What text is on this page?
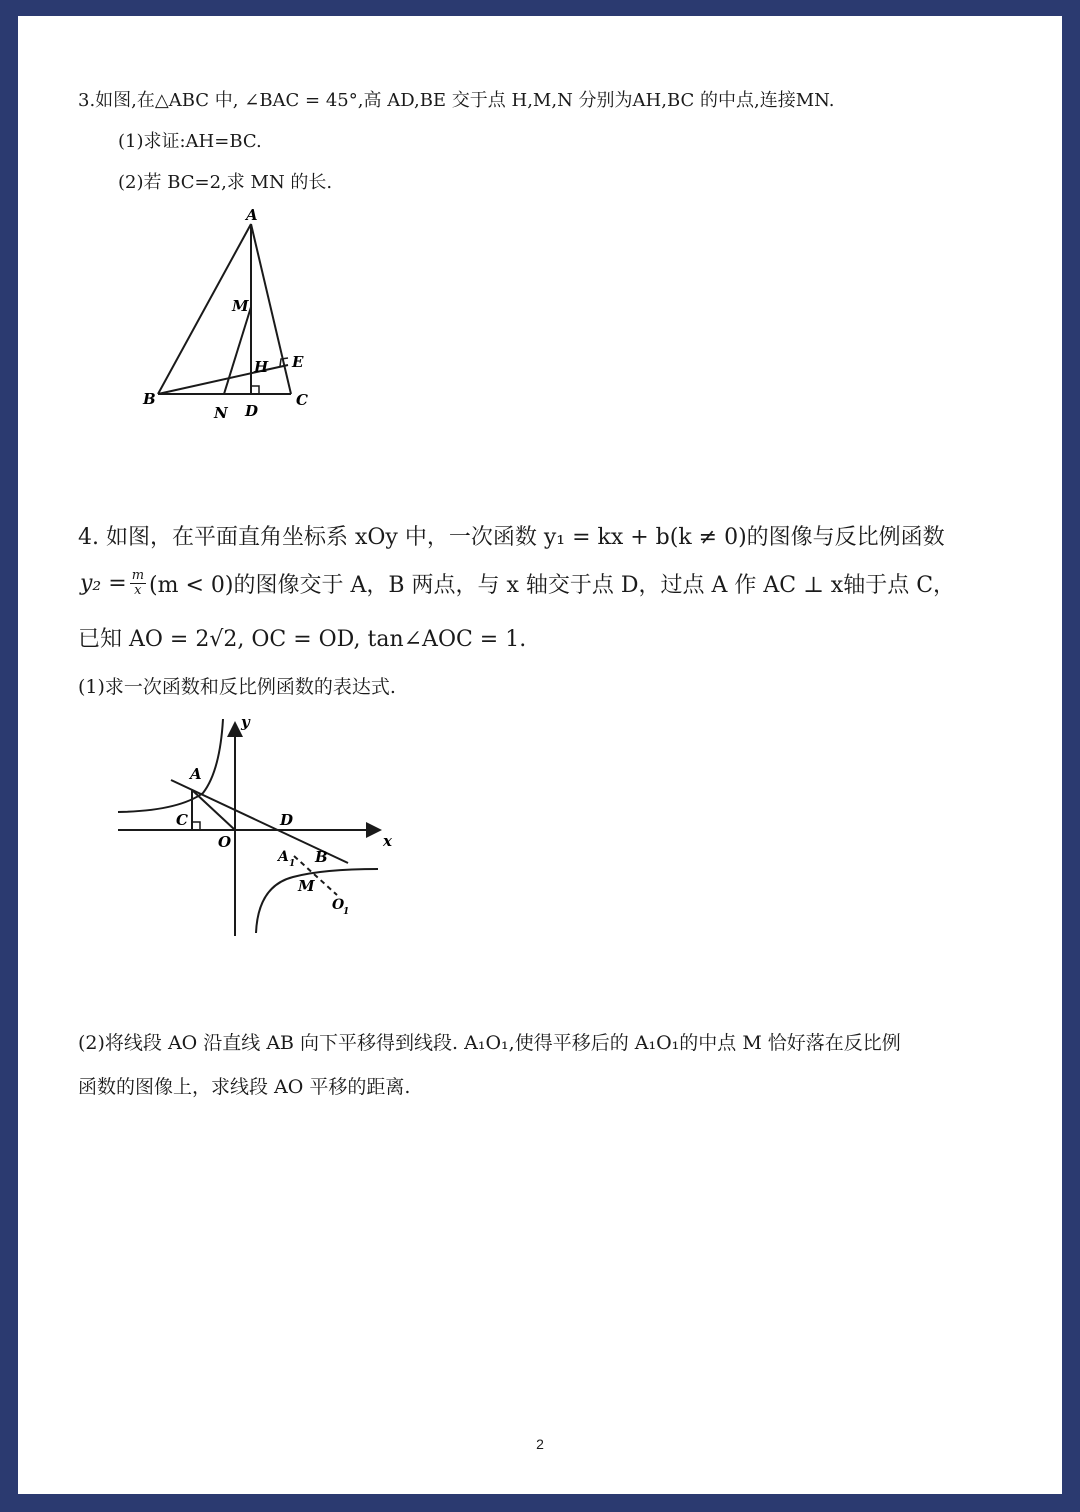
3.如图,在△ABC 中, ∠BAC = 45°,高 AD,BE 交于点 H,M,N 分别为AH,BC 的中点,连接MN.
(1)求证:AH=BC.
(2)若 BC=2,求 MN 的长.
A
M
H E
B
N D
C
4. 如图，在平面直角坐标系 xOy 中，一次函数 y₁ = kx + b(k ≠ 0)的图像与反比例函数
$y_2 = \frac{m}{x} (m < 0)$的图像交于 A，B 两点，与 x 轴交于点 D，过点 A 作 AC ⊥ x轴于点 C，
已知 AO = 2√2, OC = OD, tan∠AOC = 1.
(1)求一次函数和反比例函数的表达式.
y
A
C
O
D
x
A 1 B
M
O
1
(2)将线段 AO 沿直线 AB 向下平移得到线段. A₁O₁,使得平移后的 A₁O₁的中点 M 恰好落在反比例
函数的图像上，求线段 AO 平移的距离.
2
